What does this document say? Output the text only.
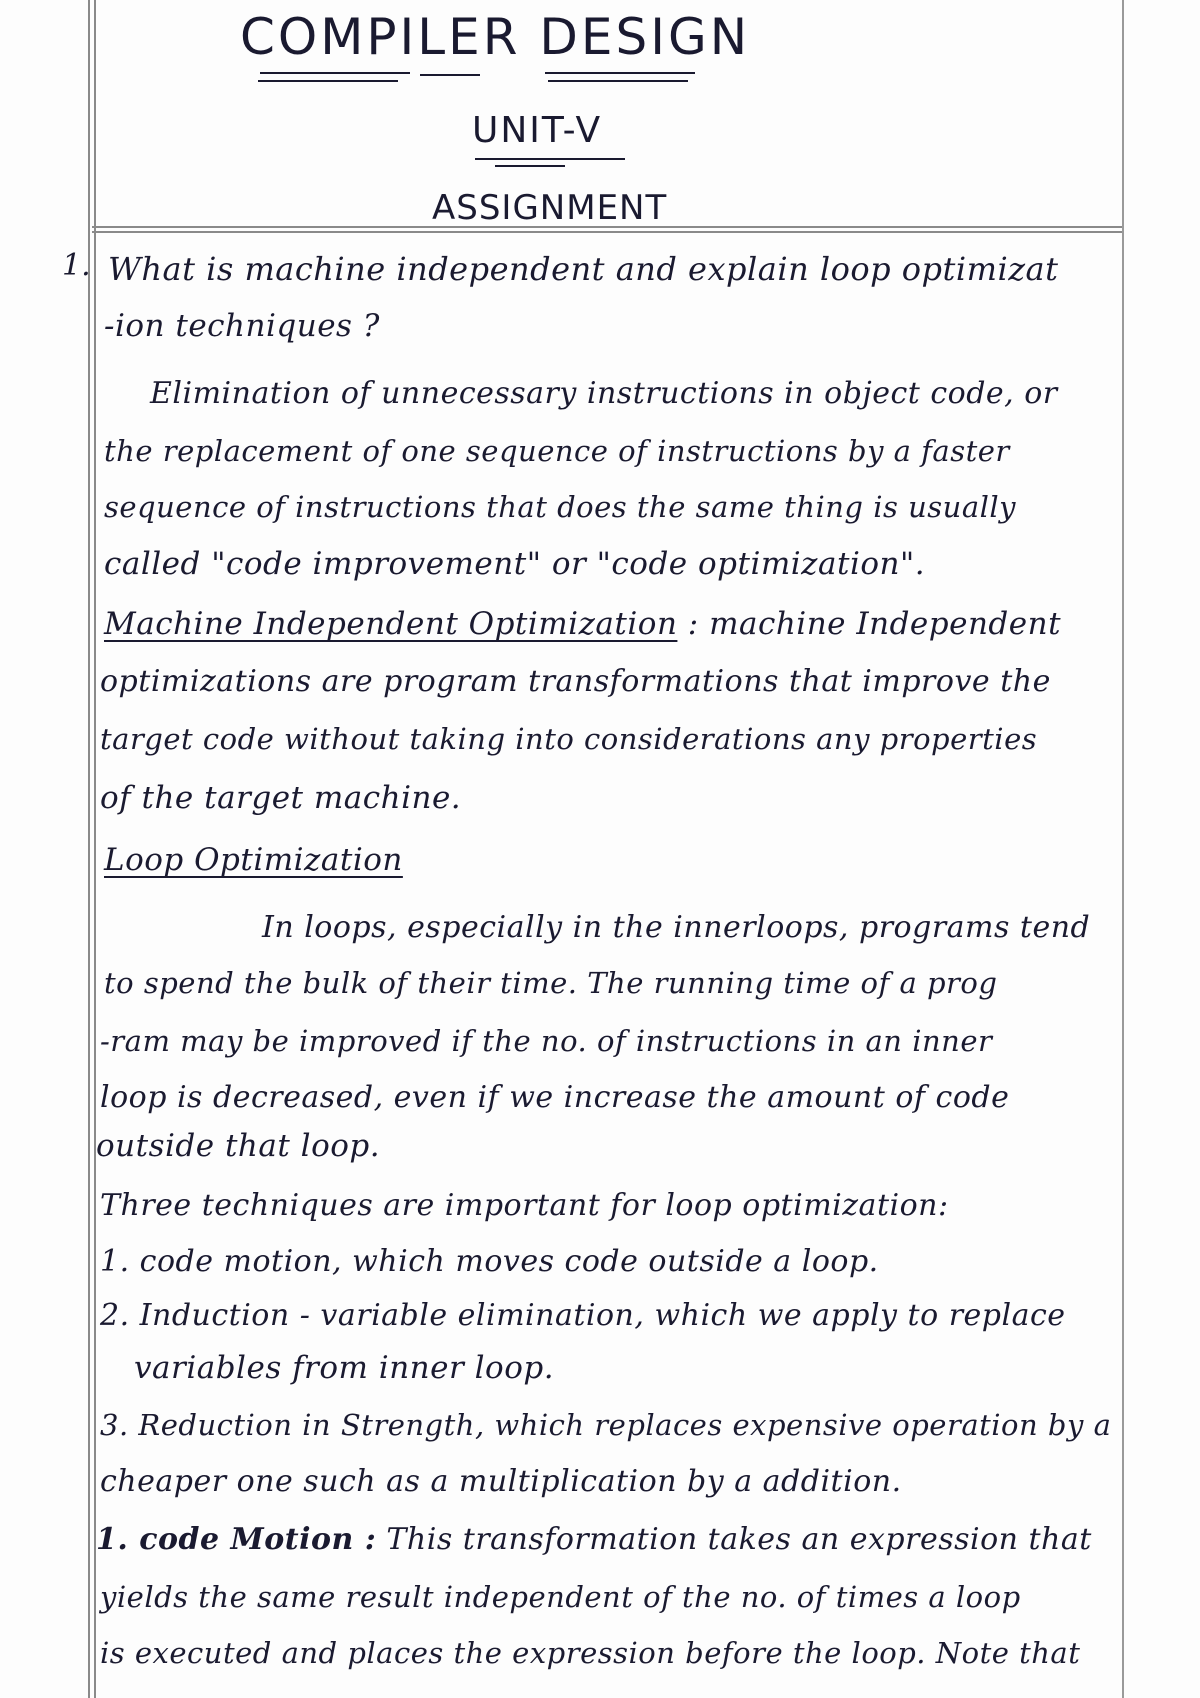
COMPILER DESIGN
UNIT-V
ASSIGNMENT
1. What is machine independent and explain loop optimizat
-ion techniques ?
Elimination of unnecessary instructions in object code, or
the replacement of one sequence of instructions by a faster
sequence of instructions that does the same thing is usually
called "code improvement" or "code optimization".
Machine Independent Optimization : machine Independent
optimizations are program transformations that improve the
target code without taking into considerations any properties
of the target machine.
Loop Optimization
In loops, especially in the innerloops, programs tend
to spend the bulk of their time. The running time of a prog
-ram may be improved if the no. of instructions in an inner
loop is decreased, even if we increase the amount of code
outside that loop.
Three techniques are important for loop optimization:
1. code motion, which moves code outside a loop.
2. Induction - variable elimination, which we apply to replace
variables from inner loop.
3. Reduction in Strength, which replaces expensive operation by a
cheaper one such as a multiplication by a addition.
1. code Motion : This transformation takes an expression that
yields the same result independent of the no. of times a loop
is executed and places the expression before the loop. Note that
